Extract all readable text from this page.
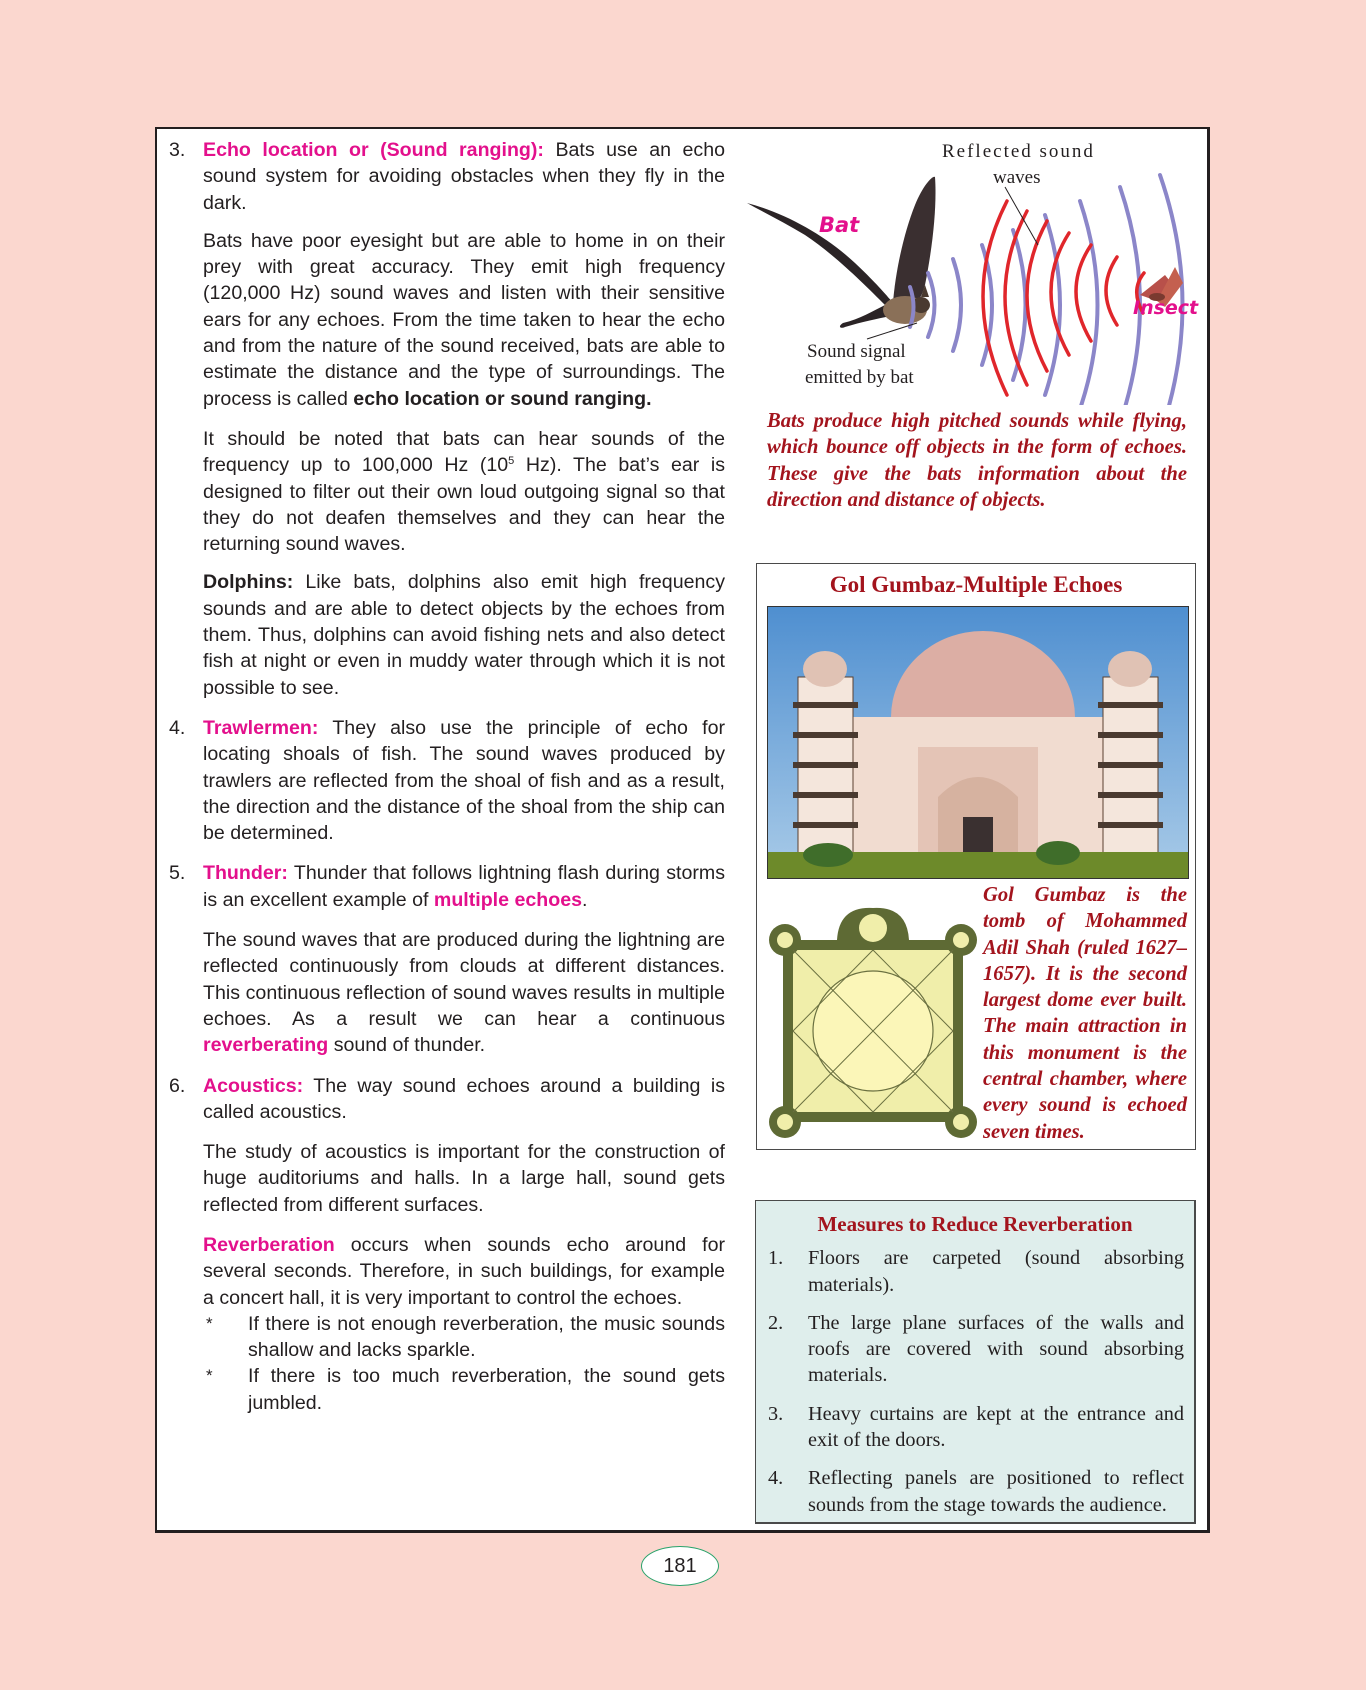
3. Echo location or (Sound ranging): Bats use an echo sound system for avoiding obstacles when they fly in the dark.

Bats have poor eyesight but are able to home in on their prey with great accuracy. They emit high frequency (120,000 Hz) sound waves and listen with their sensitive ears for any echoes. From the time taken to hear the echo and from the nature of the sound received, bats are able to estimate the distance and the type of surroundings. The process is called echo location or sound ranging.

It should be noted that bats can hear sounds of the frequency up to 100,000 Hz ($10^5$ Hz). The bat’s ear is designed to filter out their own loud outgoing signal so that they do not deafen themselves and they can hear the returning sound waves.

Dolphins: Like bats, dolphins also emit high frequency sounds and are able to detect objects by the echoes from them. Thus, dolphins can avoid fishing nets and also detect fish at night or even in muddy water through which it is not possible to see.

4. Trawlermen: They also use the principle of echo for locating shoals of fish. The sound waves produced by trawlers are reflected from the shoal of fish and as a result, the direction and the distance of the shoal from the ship can be determined.

5. Thunder: Thunder that follows lightning flash during storms is an excellent example of multiple echoes.

The sound waves that are produced during the lightning are reflected continuously from clouds at different distances. This continuous reflection of sound waves results in multiple echoes. As a result we can hear a continuous reverberating sound of thunder.

6. Acoustics: The way sound echoes around a building is called acoustics.

The study of acoustics is important for the construction of huge auditoriums and halls. In a large hall, sound gets reflected from different surfaces.

Reverberation occurs when sounds echo around for several seconds. Therefore, in such buildings, for example a concert hall, it is very important to control the echoes.

* If there is not enough reverberation, the music sounds shallow and lacks sparkle.

* If there is too much reverberation, the sound gets jumbled.

Reflected sound
waves
Bat
Insect
Sound signal
emitted by bat
Bats produce high pitched sounds while flying, which bounce off objects in the form of echoes. These give the bats information about the direction and distance of objects.
Gol Gumbaz-Multiple Echoes
Gol Gumbaz is the tomb of Mohammed Adil Shah (ruled 1627–1657). It is the second largest dome ever built. The main attraction in this monument is the central chamber, where every sound is echoed seven times.
Measures to Reduce Reverberation

1. Floors are carpeted (sound absorbing materials).

2. The large plane surfaces of the walls and roofs are covered with sound absorbing materials.

3. Heavy curtains are kept at the entrance and exit of the doors.

4. Reflecting panels are positioned to reflect sounds from the stage towards the audience.

181
